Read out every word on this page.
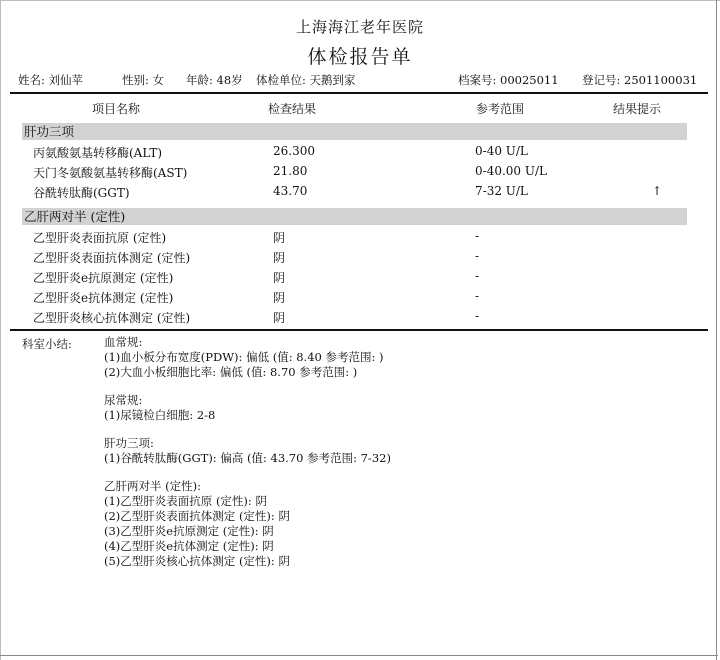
上海海江老年医院
体检报告单
姓名: 刘仙苹	性别: 女 年龄: 48岁 体检单位: 天鹅到家	档案号: 00025011 登记号: 2501100031
项目名称	检查结果	参考范围	结果提示
肝功三项
丙氨酸氨基转移酶(ALT)	26.300	0-40 U/L
天门冬氨酸氨基转移酶(AST)	21.80	0-40.00 U/L
谷酰转肽酶(GGT)	43.70	7-32 U/L	↑
乙肝两对半 (定性)
乙型肝炎表面抗原 (定性)	阴	-
乙型肝炎表面抗体测定 (定性)	阴	-
乙型肝炎e抗原测定 (定性)	阴	-
乙型肝炎e抗体测定 (定性)	阴	-
乙型肝炎核心抗体测定 (定性)	阴	-
科室小结:	血常规:
(1)血小板分布宽度(PDW): 偏低 (值: 8.40 参考范围: )
(2)大血小板细胞比率: 偏低 (值: 8.70 参考范围: )
尿常规:
(1)尿镜检白细胞: 2-8
肝功三项:
(1)谷酰转肽酶(GGT): 偏高 (值: 43.70 参考范围: 7-32)
乙肝两对半 (定性):
(1)乙型肝炎表面抗原 (定性): 阴
(2)乙型肝炎表面抗体测定 (定性): 阴
(3)乙型肝炎e抗原测定 (定性): 阴
(4)乙型肝炎e抗体测定 (定性): 阴
(5)乙型肝炎核心抗体测定 (定性): 阴
